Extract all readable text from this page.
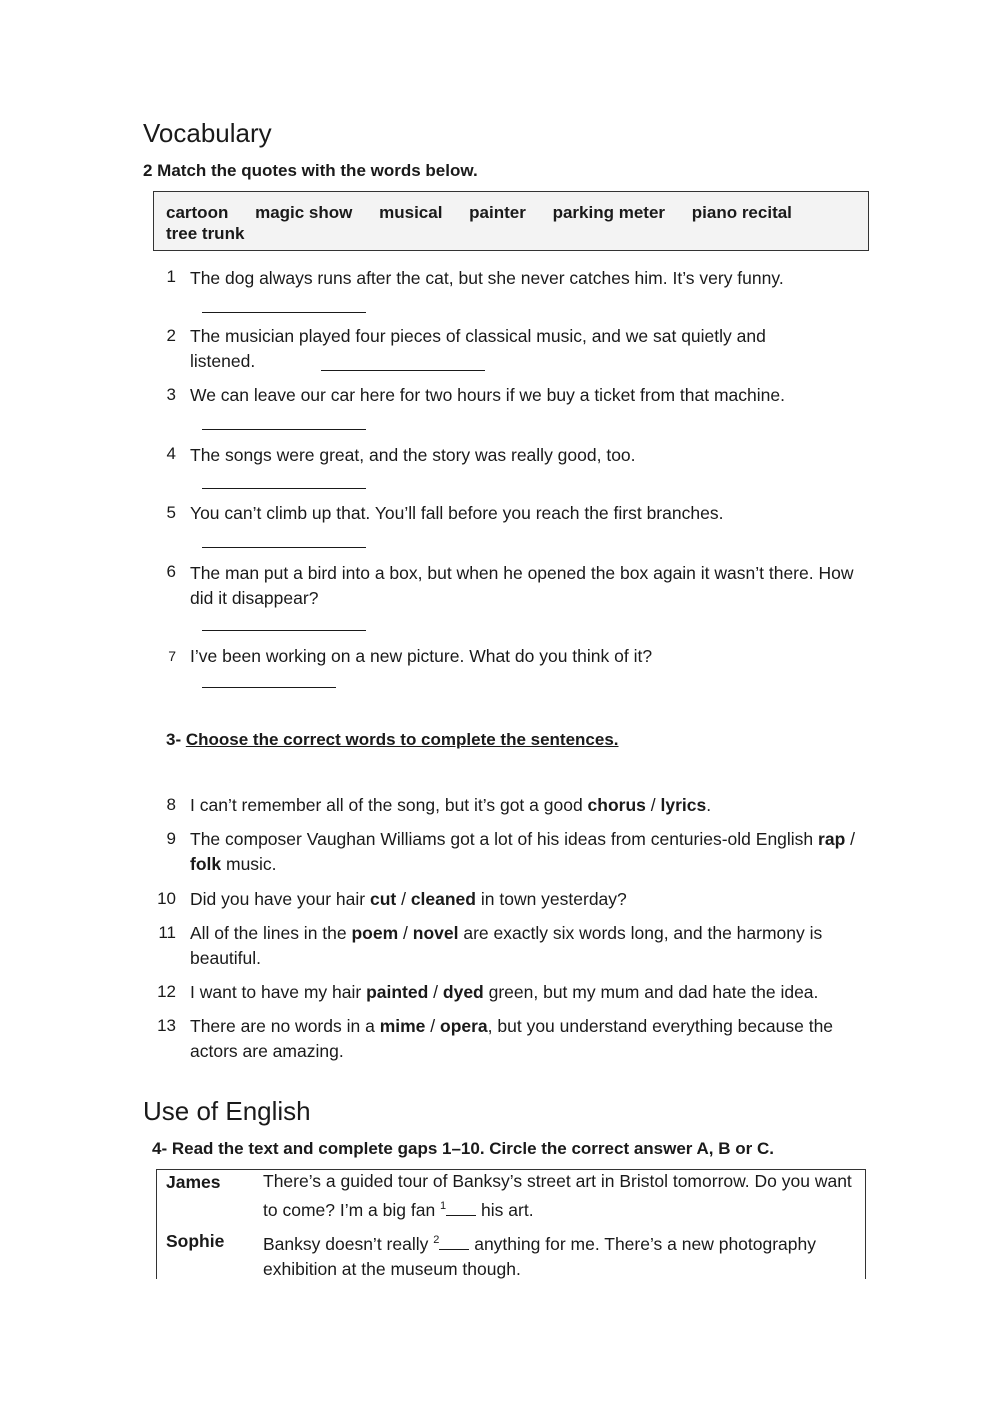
Vocabulary
2 Match the quotes with the words below.
cartoon magic show musical painter parking meter piano recital
tree trunk
1 The dog always runs after the cat, but she never catches him. It’s very funny.
2 The musician played four pieces of classical music, and we sat quietly and listened.
3 We can leave our car here for two hours if we buy a ticket from that machine.
4 The songs were great, and the story was really good, too.
5 You can’t climb up that. You’ll fall before you reach the first branches.
6 The man put a bird into a box, but when he opened the box again it wasn’t there. How did it disappear?
7 I’ve been working on a new picture. What do you think of it?
3- Choose the correct words to complete the sentences.
8 I can’t remember all of the song, but it’s got a good chorus / lyrics.
9 The composer Vaughan Williams got a lot of his ideas from centuries-old English rap / folk music.
10 Did you have your hair cut / cleaned in town yesterday?
11 All of the lines in the poem / novel are exactly six words long, and the harmony is beautiful.
12 I want to have my hair painted / dyed green, but my mum and dad hate the idea.
13 There are no words in a mime / opera, but you understand everything because the actors are amazing.
Use of English
4- Read the text and complete gaps 1–10. Circle the correct answer A, B or C.
James There’s a guided tour of Banksy’s street art in Bristol tomorrow. Do you want to come? I’m a big fan $^1$ his art.
Sophie Banksy doesn’t really $^2$ anything for me. There’s a new photography exhibition at the museum though.
